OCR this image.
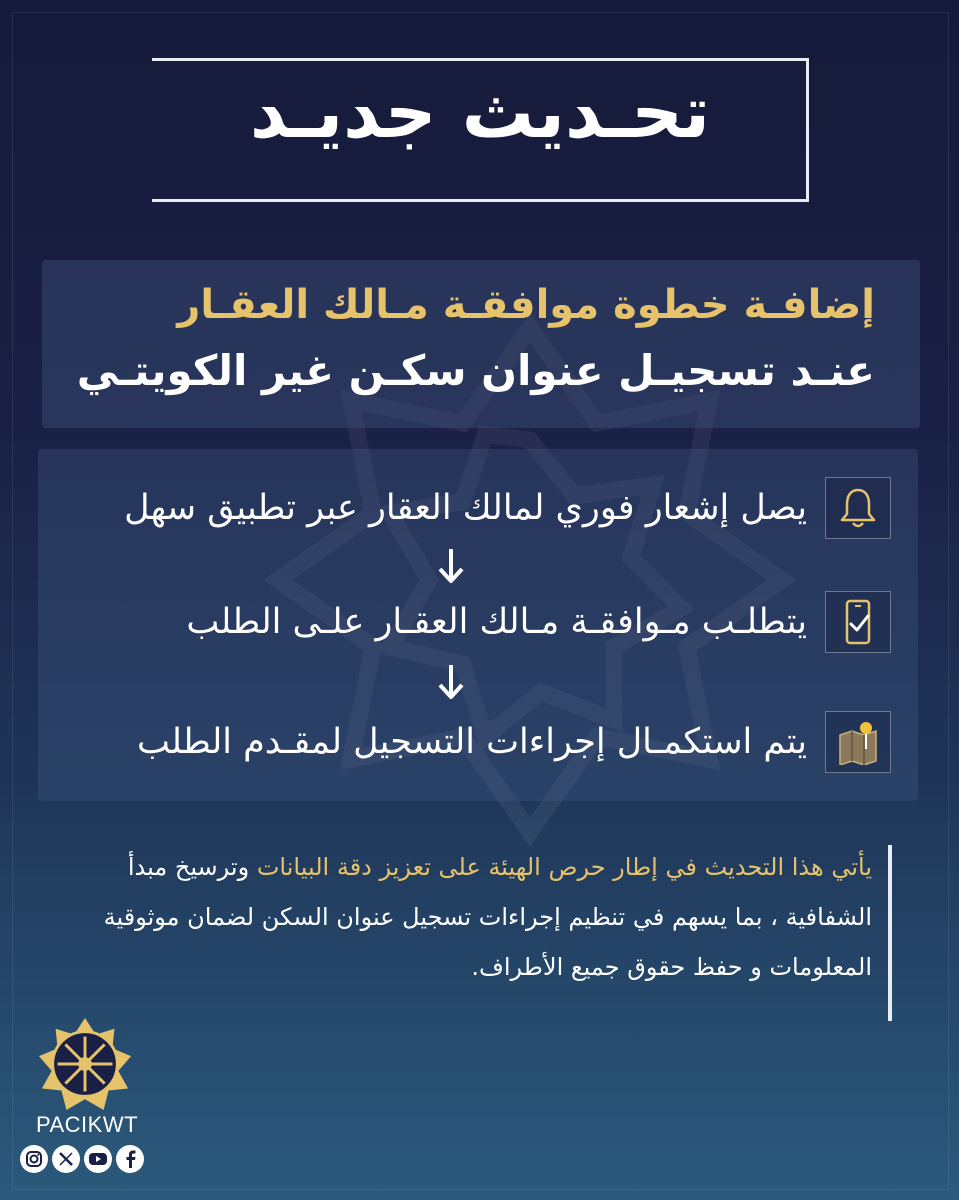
تحـديث جديـد
إضافـة خطوة موافقـة مـالك العقـار
عنـد تسجيـل عنوان سكـن غير الكويتـي
يصل إشعار فوري لمالك العقار عبر تطبيق سهل
يتطلـب مـوافقـة مـالك العقـار علـى الطلب
يتم استكمـال إجراءات التسجيل لمقـدم الطلب
يأتي هذا التحديث في إطار حرص الهيئة على تعزيز دقة البيانات وترسيخ مبدأ الشفافية ، بما يسهم في تنظيم إجراءات تسجيل عنوان السكن لضمان موثوقية المعلومات و حفظ حقوق جميع الأطراف.
PACIKWT
